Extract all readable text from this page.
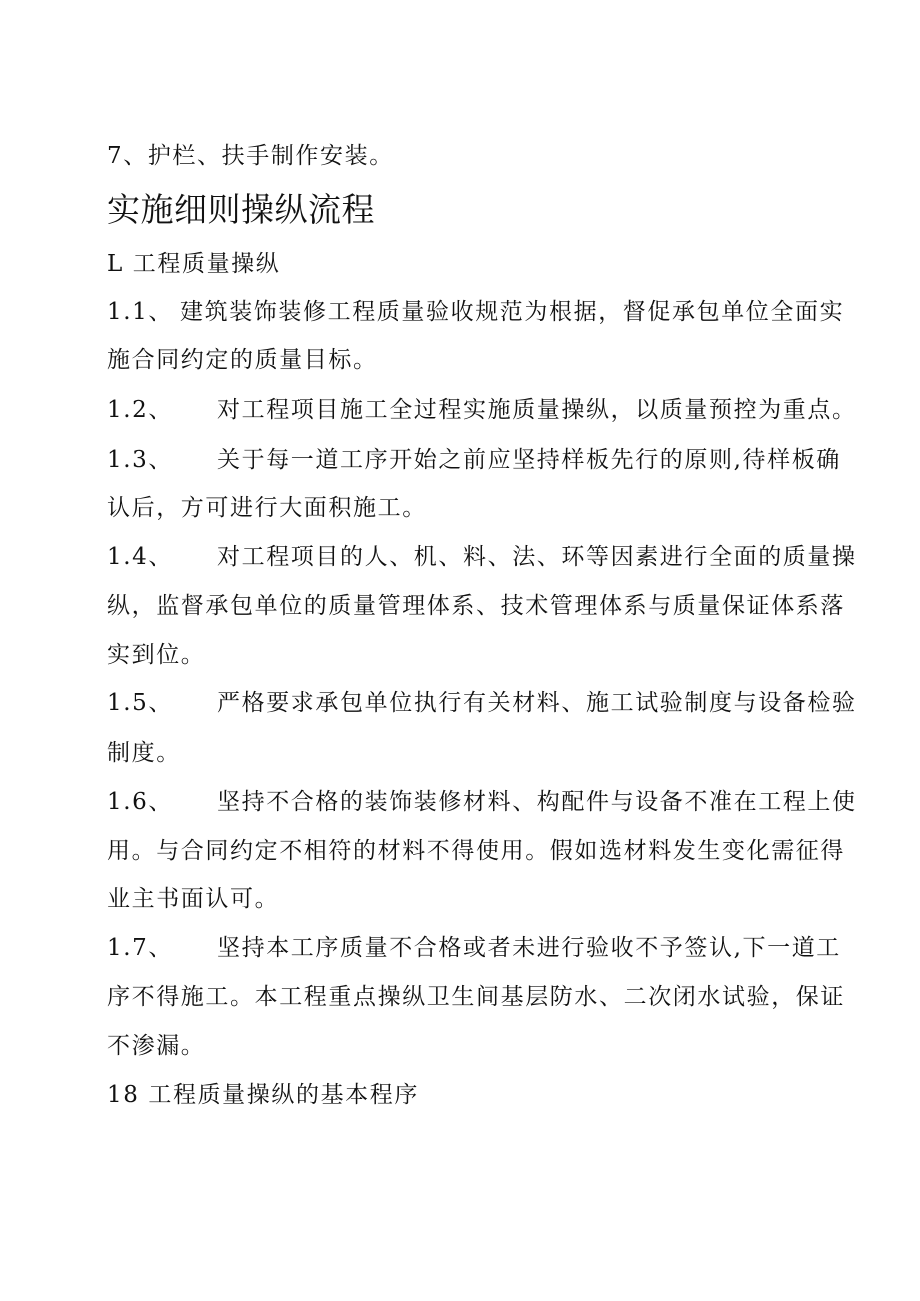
7、护栏、扶手制作安装。
实施细则操纵流程
L 工程质量操纵
1.1、 建筑装饰装修工程质量验收规范为根据，督促承包单位全面实
施合同约定的质量目标。
1.2、 对工程项目施工全过程实施质量操纵，以质量预控为重点。
1.3、 关于每一道工序开始之前应坚持样板先行的原则,待样板确
认后，方可进行大面积施工。
1.4、 对工程项目的人、机、料、法、环等因素进行全面的质量操
纵，监督承包单位的质量管理体系、技术管理体系与质量保证体系落
实到位。
1.5、 严格要求承包单位执行有关材料、施工试验制度与设备检验
制度。
1.6、 坚持不合格的装饰装修材料、构配件与设备不准在工程上使
用。与合同约定不相符的材料不得使用。假如选材料发生变化需征得
业主书面认可。
1.7、 坚持本工序质量不合格或者未进行验收不予签认,下一道工
序不得施工。本工程重点操纵卫生间基层防水、二次闭水试验，保证
不渗漏。
18 工程质量操纵的基本程序
